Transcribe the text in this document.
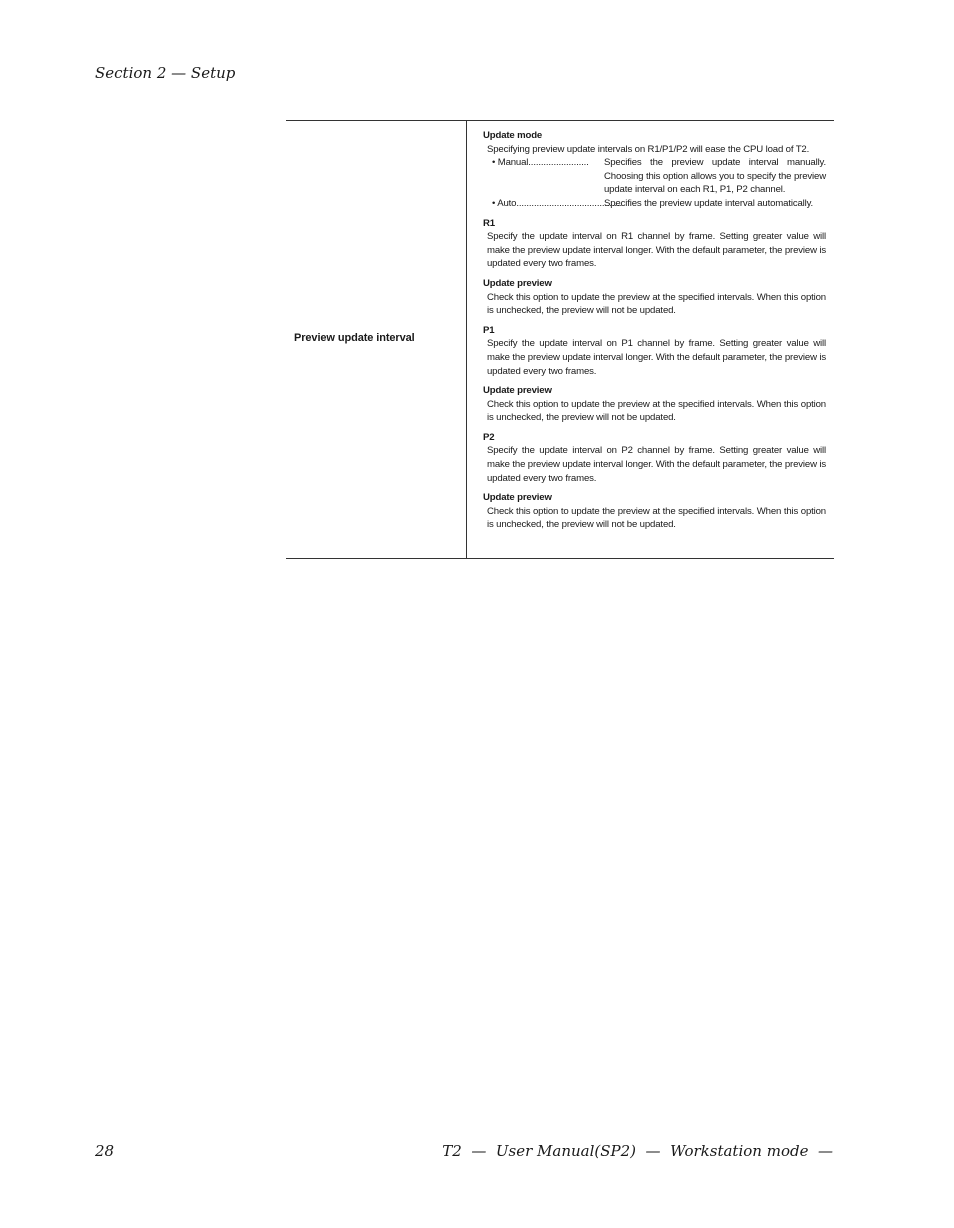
Section 2 — Setup
Preview update interval
Update mode
Specifying preview update intervals on R1/P1/P2 will ease the CPU load of T2.
• Manual........................	Specifies the preview update interval manually. Choosing this option allows you to specify the preview update interval on each R1, P1, P2 channel.
• Auto..........................................
Specifies the preview update interval automatically.
R1
Specify the update interval on R1 channel by frame. Setting greater value will make the preview update interval longer. With the default parameter, the preview is updated every two frames.
Update preview
Check this option to update the preview at the specified intervals. When this option is unchecked, the preview will not be updated.
P1
Specify the update interval on P1 channel by frame. Setting greater value will make the preview update interval longer. With the default parameter, the preview is updated every two frames.
Update preview
Check this option to update the preview at the specified intervals. When this option is unchecked, the preview will not be updated.
P2
Specify the update interval on P2 channel by frame. Setting greater value will make the preview update interval longer. With the default parameter, the preview is updated every two frames.
Update preview
Check this option to update the preview at the specified intervals. When this option is unchecked, the preview will not be updated.
28	T2  —  User Manual(SP2)  —  Workstation mode  —
